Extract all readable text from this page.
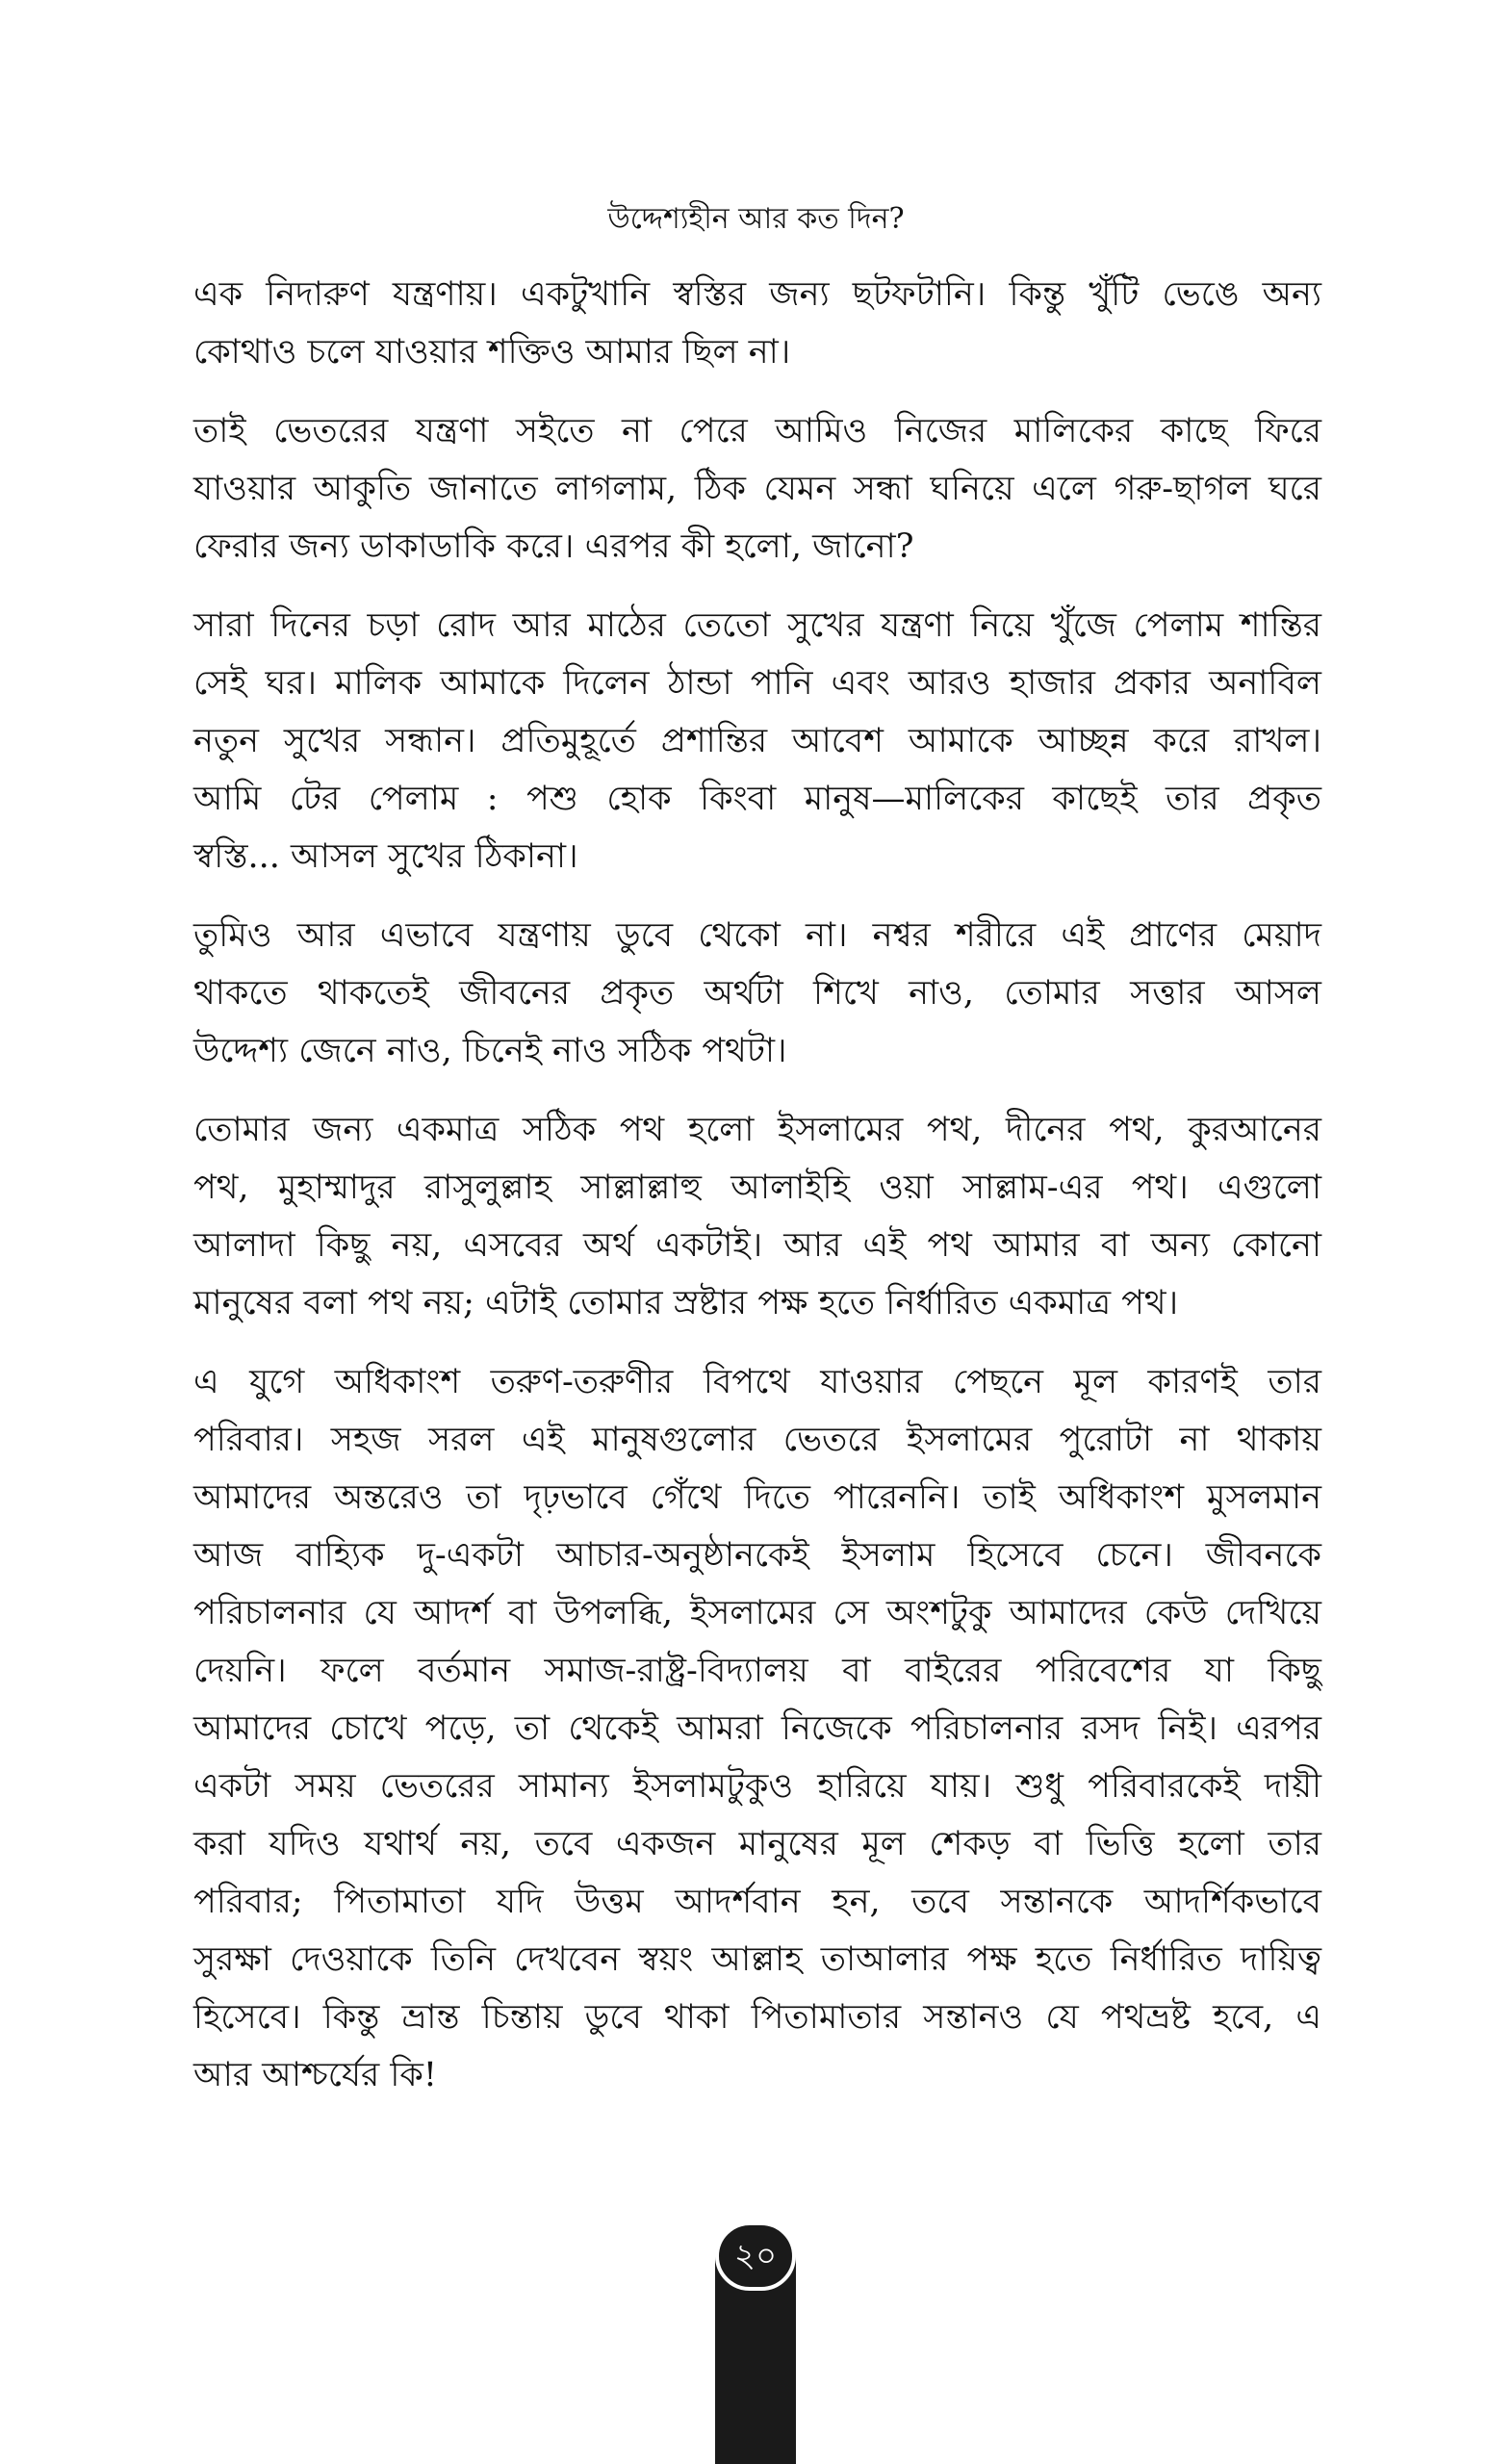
উদ্দেশ্যহীন আর কত দিন?

এক নিদারুণ যন্ত্রণায়। একটুখানি স্বস্তির জন্য ছটফটানি। কিন্তু খুঁটি ভেঙে অন্য
কোথাও চলে যাওয়ার শক্তিও আমার ছিল না।

তাই ভেতরের যন্ত্রণা সইতে না পেরে আমিও নিজের মালিকের কাছে ফিরে
যাওয়ার আকুতি জানাতে লাগলাম, ঠিক যেমন সন্ধা ঘনিয়ে এলে গরু-ছাগল ঘরে
ফেরার জন্য ডাকাডাকি করে। এরপর কী হলো, জানো?

সারা দিনের চড়া রোদ আর মাঠের তেতো সুখের যন্ত্রণা নিয়ে খুঁজে পেলাম শান্তির
সেই ঘর। মালিক আমাকে দিলেন ঠান্ডা পানি এবং আরও হাজার প্রকার অনাবিল
নতুন সুখের সন্ধান। প্রতিমুহূর্তে প্রশান্তির আবেশ আমাকে আচ্ছন্ন করে রাখল।
আমি টের পেলাম : পশু হোক কিংবা মানুষ—মালিকের কাছেই তার প্রকৃত
স্বস্তি... আসল সুখের ঠিকানা।

তুমিও আর এভাবে যন্ত্রণায় ডুবে থেকো না। নশ্বর শরীরে এই প্রাণের মেয়াদ
থাকতে থাকতেই জীবনের প্রকৃত অর্থটা শিখে নাও, তোমার সত্তার আসল
উদ্দেশ্য জেনে নাও, চিনেই নাও সঠিক পথটা।

তোমার জন্য একমাত্র সঠিক পথ হলো ইসলামের পথ, দীনের পথ, কুরআনের
পথ, মুহাম্মাদুর রাসুলুল্লাহ সাল্লাল্লাহু আলাইহি ওয়া সাল্লাম-এর পথ। এগুলো
আলাদা কিছু নয়, এসবের অর্থ একটাই। আর এই পথ আমার বা অন্য কোনো
মানুষের বলা পথ নয়; এটাই তোমার স্রষ্টার পক্ষ হতে নির্ধারিত একমাত্র পথ।

এ যুগে অধিকাংশ তরুণ-তরুণীর বিপথে যাওয়ার পেছনে মূল কারণই তার
পরিবার। সহজ সরল এই মানুষগুলোর ভেতরে ইসলামের পুরোটা না থাকায়
আমাদের অন্তরেও তা দৃঢ়ভাবে গেঁথে দিতে পারেননি। তাই অধিকাংশ মুসলমান
আজ বাহ্যিক দু-একটা আচার-অনুষ্ঠানকেই ইসলাম হিসেবে চেনে। জীবনকে
পরিচালনার যে আদর্শ বা উপলব্ধি, ইসলামের সে অংশটুকু আমাদের কেউ দেখিয়ে
দেয়নি। ফলে বর্তমান সমাজ-রাষ্ট্র-বিদ্যালয় বা বাইরের পরিবেশের যা কিছু
আমাদের চোখে পড়ে, তা থেকেই আমরা নিজেকে পরিচালনার রসদ নিই। এরপর
একটা সময় ভেতরের সামান্য ইসলামটুকুও হারিয়ে যায়। শুধু পরিবারকেই দায়ী
করা যদিও যথার্থ নয়, তবে একজন মানুষের মূল শেকড় বা ভিত্তি হলো তার
পরিবার; পিতামাতা যদি উত্তম আদর্শবান হন, তবে সন্তানকে আদর্শিকভাবে
সুরক্ষা দেওয়াকে তিনি দেখবেন স্বয়ং আল্লাহ তাআলার পক্ষ হতে নির্ধারিত দায়িত্ব
হিসেবে। কিন্তু ভ্রান্ত চিন্তায় ডুবে থাকা পিতামাতার সন্তানও যে পথভ্রষ্ট হবে, এ
আর আশ্চর্যের কি!

২০
